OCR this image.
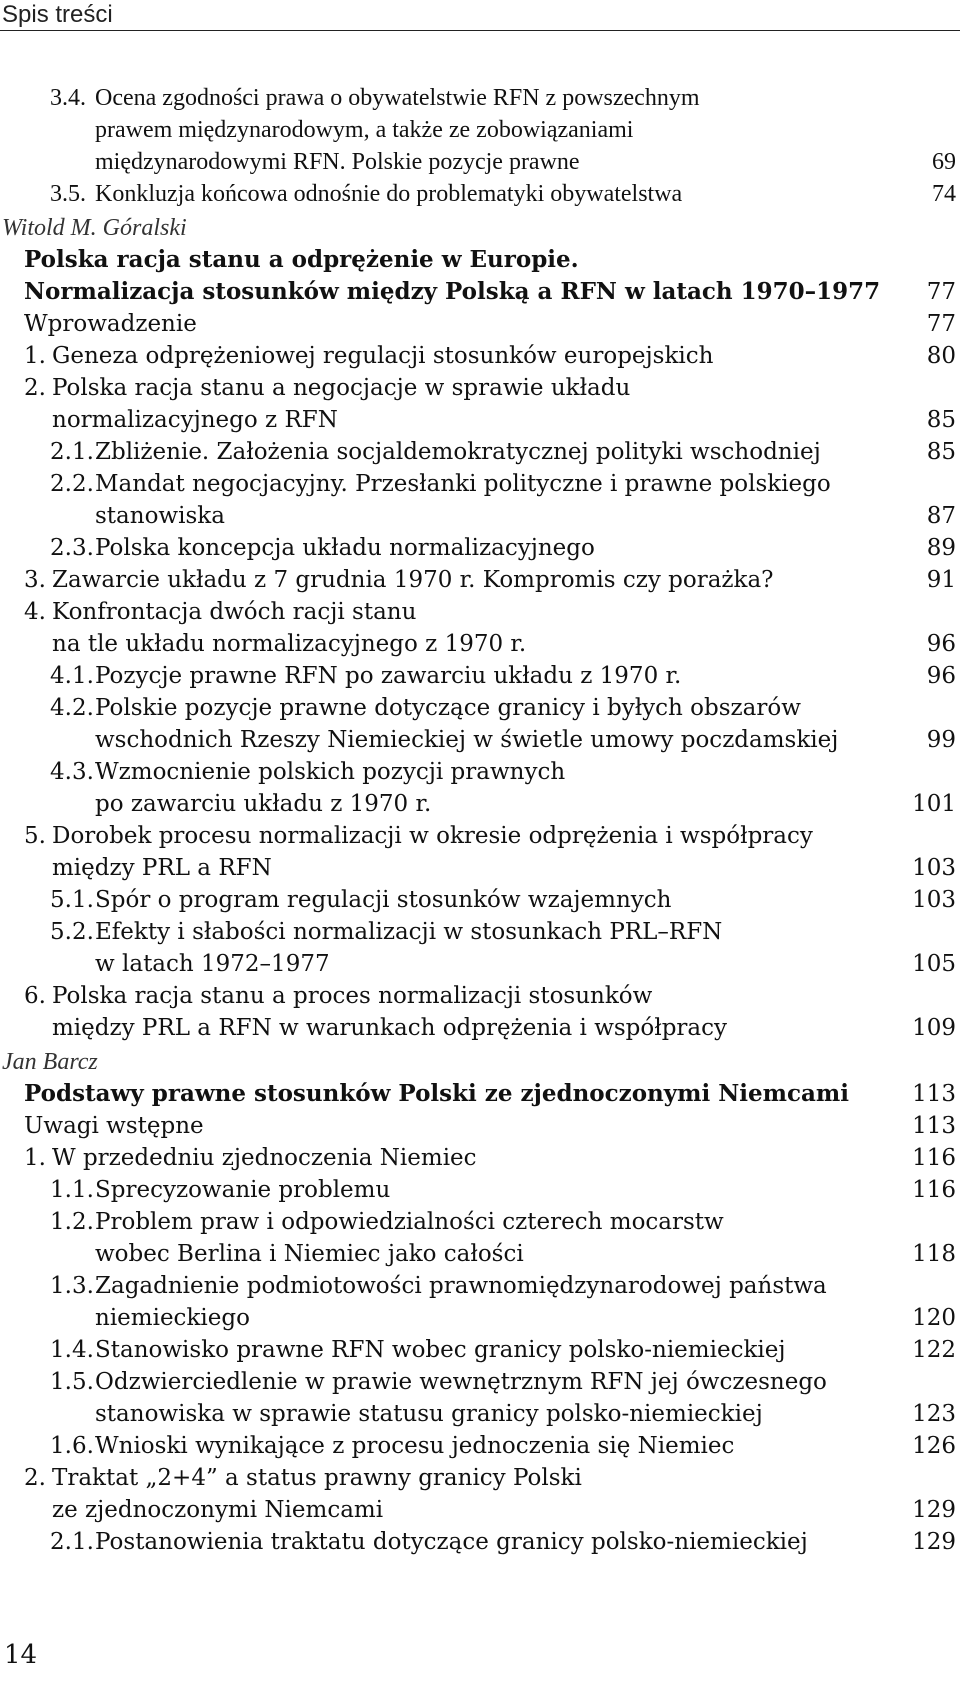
Spis treści
3.4. Ocena zgodności prawa o obywatelstwie RFN z powszechnym
prawem międzynarodowym, a także ze zobowiązaniami
międzynarodowymi RFN. Polskie pozycje prawne	69
3.5. Konkluzja końcowa odnośnie do problematyki obywatelstwa	74
Witold M. Góralski
Polska racja stanu a odprężenie w Europie.
Normalizacja stosunków między Polską a RFN w latach 1970–1977 77
Wprowadzenie	77
1. Geneza odprężeniowej regulacji stosunków europejskich	80
2. Polska racja stanu a negocjacje w sprawie układu
normalizacyjnego z RFN	85
2.1. Zbliżenie. Założenia socjaldemokratycznej polityki wschodniej	85
2.2. Mandat negocjacyjny. Przesłanki polityczne i prawne polskiego
stanowiska	87
2.3. Polska koncepcja układu normalizacyjnego	89
3. Zawarcie układu z 7 grudnia 1970 r. Kompromis czy porażka?	91
4. Konfrontacja dwóch racji stanu
na tle układu normalizacyjnego z 1970 r.	96
4.1. Pozycje prawne RFN po zawarciu układu z 1970 r.	96
4.2. Polskie pozycje prawne dotyczące granicy i byłych obszarów
wschodnich Rzeszy Niemieckiej w świetle umowy poczdamskiej	99
4.3. Wzmocnienie polskich pozycji prawnych
po zawarciu układu z 1970 r.	101
5. Dorobek procesu normalizacji w okresie odprężenia i współpracy
między PRL a RFN	103
5.1. Spór o program regulacji stosunków wzajemnych	103
5.2. Efekty i słabości normalizacji w stosunkach PRL–RFN
w latach 1972–1977	105
6. Polska racja stanu a proces normalizacji stosunków
między PRL a RFN w warunkach odprężenia i współpracy	109
Jan Barcz
Podstawy prawne stosunków Polski ze zjednoczonymi Niemcami	113
Uwagi wstępne	113
1. W przededniu zjednoczenia Niemiec	116
1.1. Sprecyzowanie problemu	116
1.2. Problem praw i odpowiedzialności czterech mocarstw
wobec Berlina i Niemiec jako całości	118
1.3. Zagadnienie podmiotowości prawnomiędzynarodowej państwa
niemieckiego	120
1.4. Stanowisko prawne RFN wobec granicy polsko-niemieckiej	122
1.5. Odzwierciedlenie w prawie wewnętrznym RFN jej ówczesnego
stanowiska w sprawie statusu granicy polsko-niemieckiej	123
1.6. Wnioski wynikające z procesu jednoczenia się Niemiec	126
2. Traktat „2+4” a status prawny granicy Polski
ze zjednoczonymi Niemcami	129
2.1. Postanowienia traktatu dotyczące granicy polsko-niemieckiej	129
14
